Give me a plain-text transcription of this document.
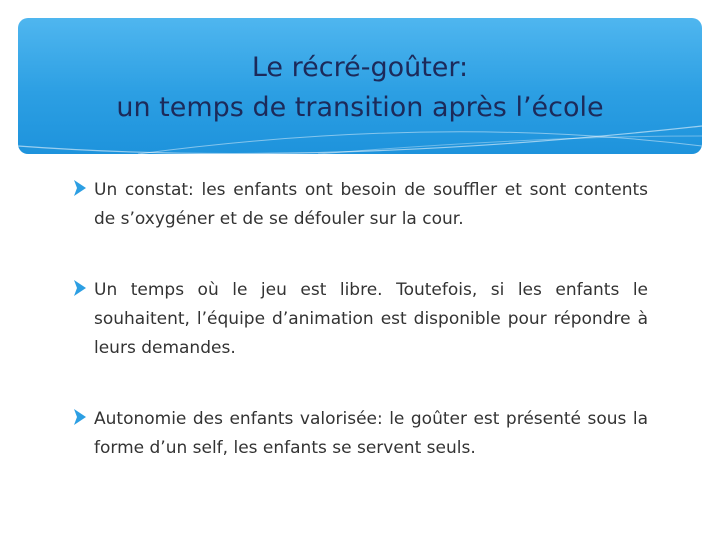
Le récré-goûter:
un temps de transition après l’école
Un constat: les enfants ont besoin de souffler et sont contents de s’oxygéner et de se défouler sur la cour.
Un temps où le jeu est libre. Toutefois, si les enfants le souhaitent, l’équipe d’animation est disponible pour répondre à leurs demandes.
Autonomie des enfants valorisée: le goûter est présenté sous la forme d’un self, les enfants se servent seuls.
